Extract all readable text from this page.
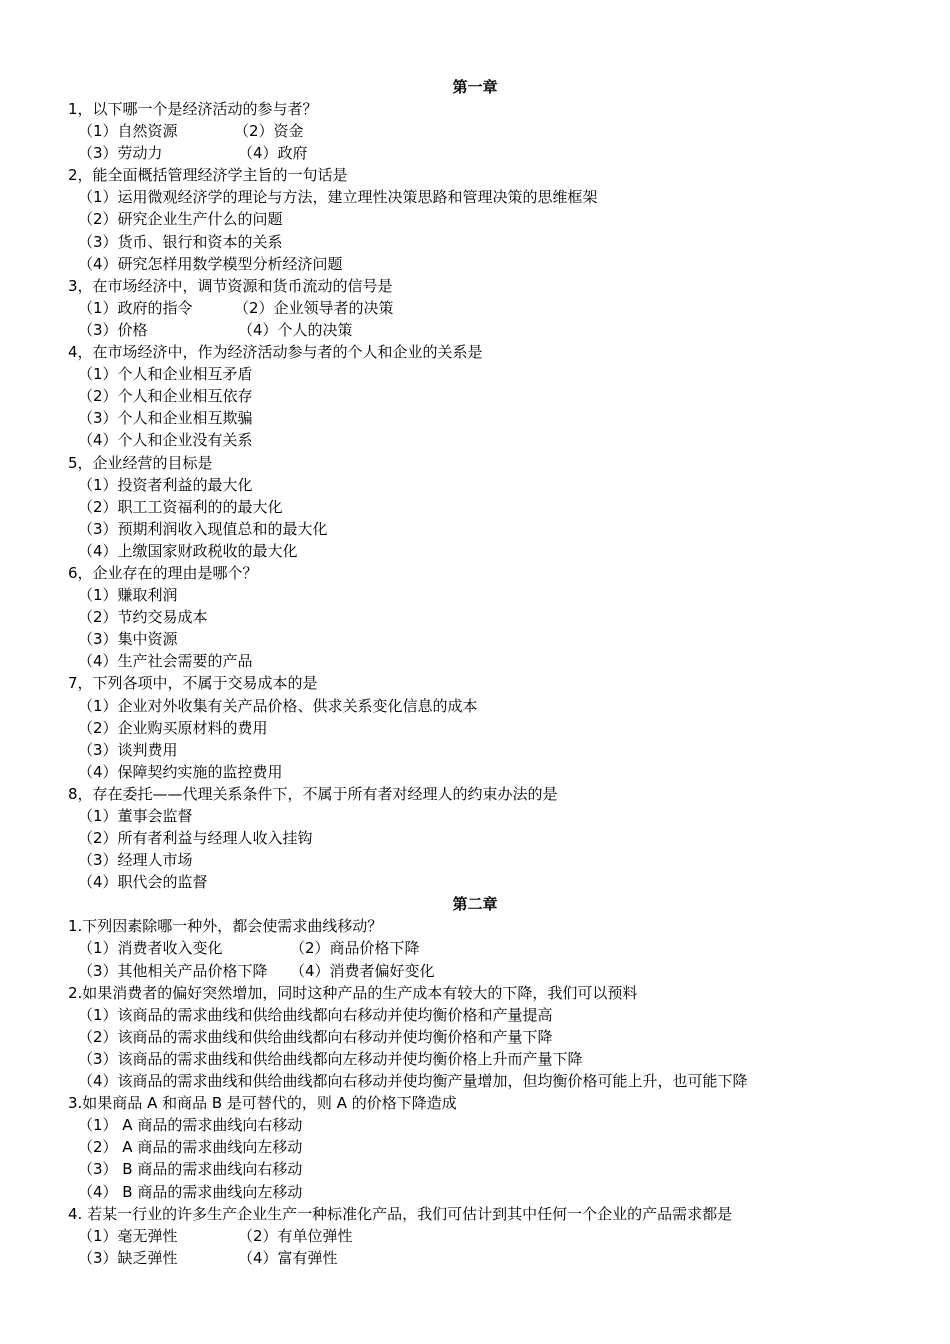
第一章
1，以下哪一个是经济活动的参与者？
（1）自然资源	（2）资金
（3）劳动力	（4）政府
2，能全面概括管理经济学主旨的一句话是
（1）运用微观经济学的理论与方法，建立理性决策思路和管理决策的思维框架
（2）研究企业生产什么的问题
（3）货币、银行和资本的关系
（4）研究怎样用数学模型分析经济问题
3，在市场经济中，调节资源和货币流动的信号是
（1）政府的指令	（2）企业领导者的决策
（3）价格	（4）个人的决策
4，在市场经济中，作为经济活动参与者的个人和企业的关系是
（1）个人和企业相互矛盾
（2）个人和企业相互依存
（3）个人和企业相互欺骗
（4）个人和企业没有关系
5，企业经营的目标是
（1）投资者利益的最大化
（2）职工工资福利的的最大化
（3）预期利润收入现值总和的最大化
（4）上缴国家财政税收的最大化
6，企业存在的理由是哪个？
（1）赚取利润
（2）节约交易成本
（3）集中资源
（4）生产社会需要的产品
7，下列各项中，不属于交易成本的是
（1）企业对外收集有关产品价格、供求关系变化信息的成本
（2）企业购买原材料的费用
（3）谈判费用
（4）保障契约实施的监控费用
8，存在委托——代理关系条件下，不属于所有者对经理人的约束办法的是
（1）董事会监督
（2）所有者利益与经理人收入挂钩
（3）经理人市场
（4）职代会的监督
第二章
1.下列因素除哪一种外，都会使需求曲线移动？
（1）消费者收入变化	（2）商品价格下降
（3）其他相关产品价格下降	（4）消费者偏好变化
2.如果消费者的偏好突然增加，同时这种产品的生产成本有较大的下降，我们可以预料
（1）该商品的需求曲线和供给曲线都向右移动并使均衡价格和产量提高
（2）该商品的需求曲线和供给曲线都向右移动并使均衡价格和产量下降
（3）该商品的需求曲线和供给曲线都向左移动并使均衡价格上升而产量下降
（4）该商品的需求曲线和供给曲线都向右移动并使均衡产量增加，但均衡价格可能上升，也可能下降
3.如果商品 A 和商品 B 是可替代的，则 A 的价格下降造成
（1） A 商品的需求曲线向右移动
（2） A 商品的需求曲线向左移动
（3） B 商品的需求曲线向右移动
（4） B 商品的需求曲线向左移动
4. 若某一行业的许多生产企业生产一种标准化产品，我们可估计到其中任何一个企业的产品需求都是
（1）毫无弹性	（2）有单位弹性
（3）缺乏弹性	（4）富有弹性
